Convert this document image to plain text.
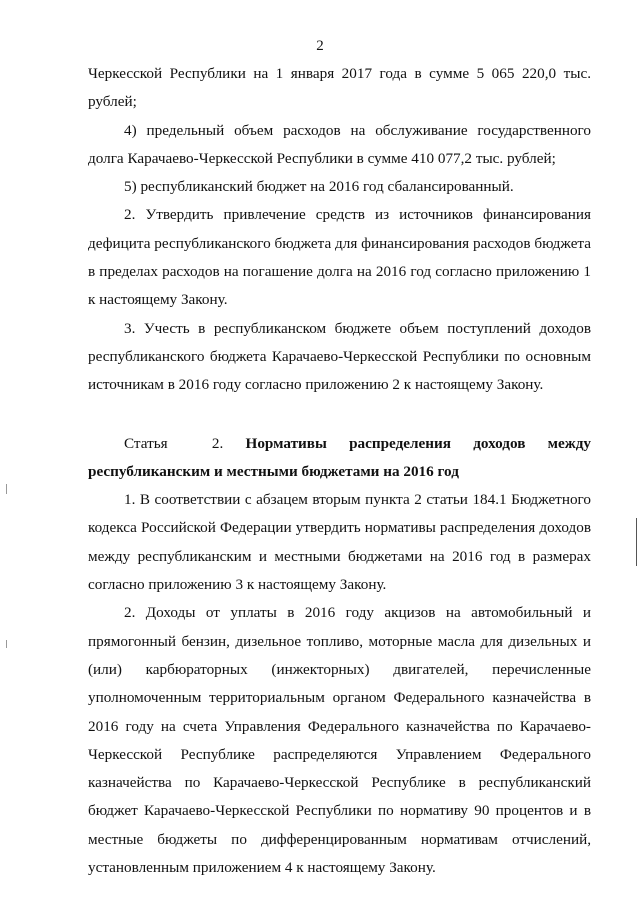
2

Черкесской Республики на 1 января 2017 года в сумме 5 065 220,0 тыс. рублей;

4) предельный объем расходов на обслуживание государственного долга Карачаево-Черкесской Республики в сумме 410 077,2 тыс. рублей;

5) республиканский бюджет на 2016 год сбалансированный.

2. Утвердить привлечение средств из источников финансирования дефицита республиканского бюджета для финансирования расходов бюджета в пределах расходов на погашение долга на 2016 год согласно приложению 1 к настоящему Закону.

3. Учесть в республиканском бюджете объем поступлений доходов республиканского бюджета Карачаево-Черкесской Республики по основным источникам в 2016 году согласно приложению 2 к настоящему Закону.

Статья 2. Нормативы распределения доходов между республиканским и местными бюджетами на 2016 год

1. В соответствии с абзацем вторым пункта 2 статьи 184.1 Бюджетного кодекса Российской Федерации утвердить нормативы распределения доходов между республиканским и местными бюджетами на 2016 год в размерах согласно приложению 3 к настоящему Закону.

2. Доходы от уплаты в 2016 году акцизов на автомобильный и прямогонный бензин, дизельное топливо, моторные масла для дизельных и (или) карбюраторных (инжекторных) двигателей, перечисленные уполномоченным территориальным органом Федерального казначейства в 2016 году на счета Управления Федерального казначейства по Карачаево-Черкесской Республике распределяются Управлением Федерального казначейства по Карачаево-Черкесской Республике в республиканский бюджет Карачаево-Черкесской Республики по нормативу 90 процентов и в местные бюджеты по дифференцированным нормативам отчислений, установленным приложением 4 к настоящему Закону.
